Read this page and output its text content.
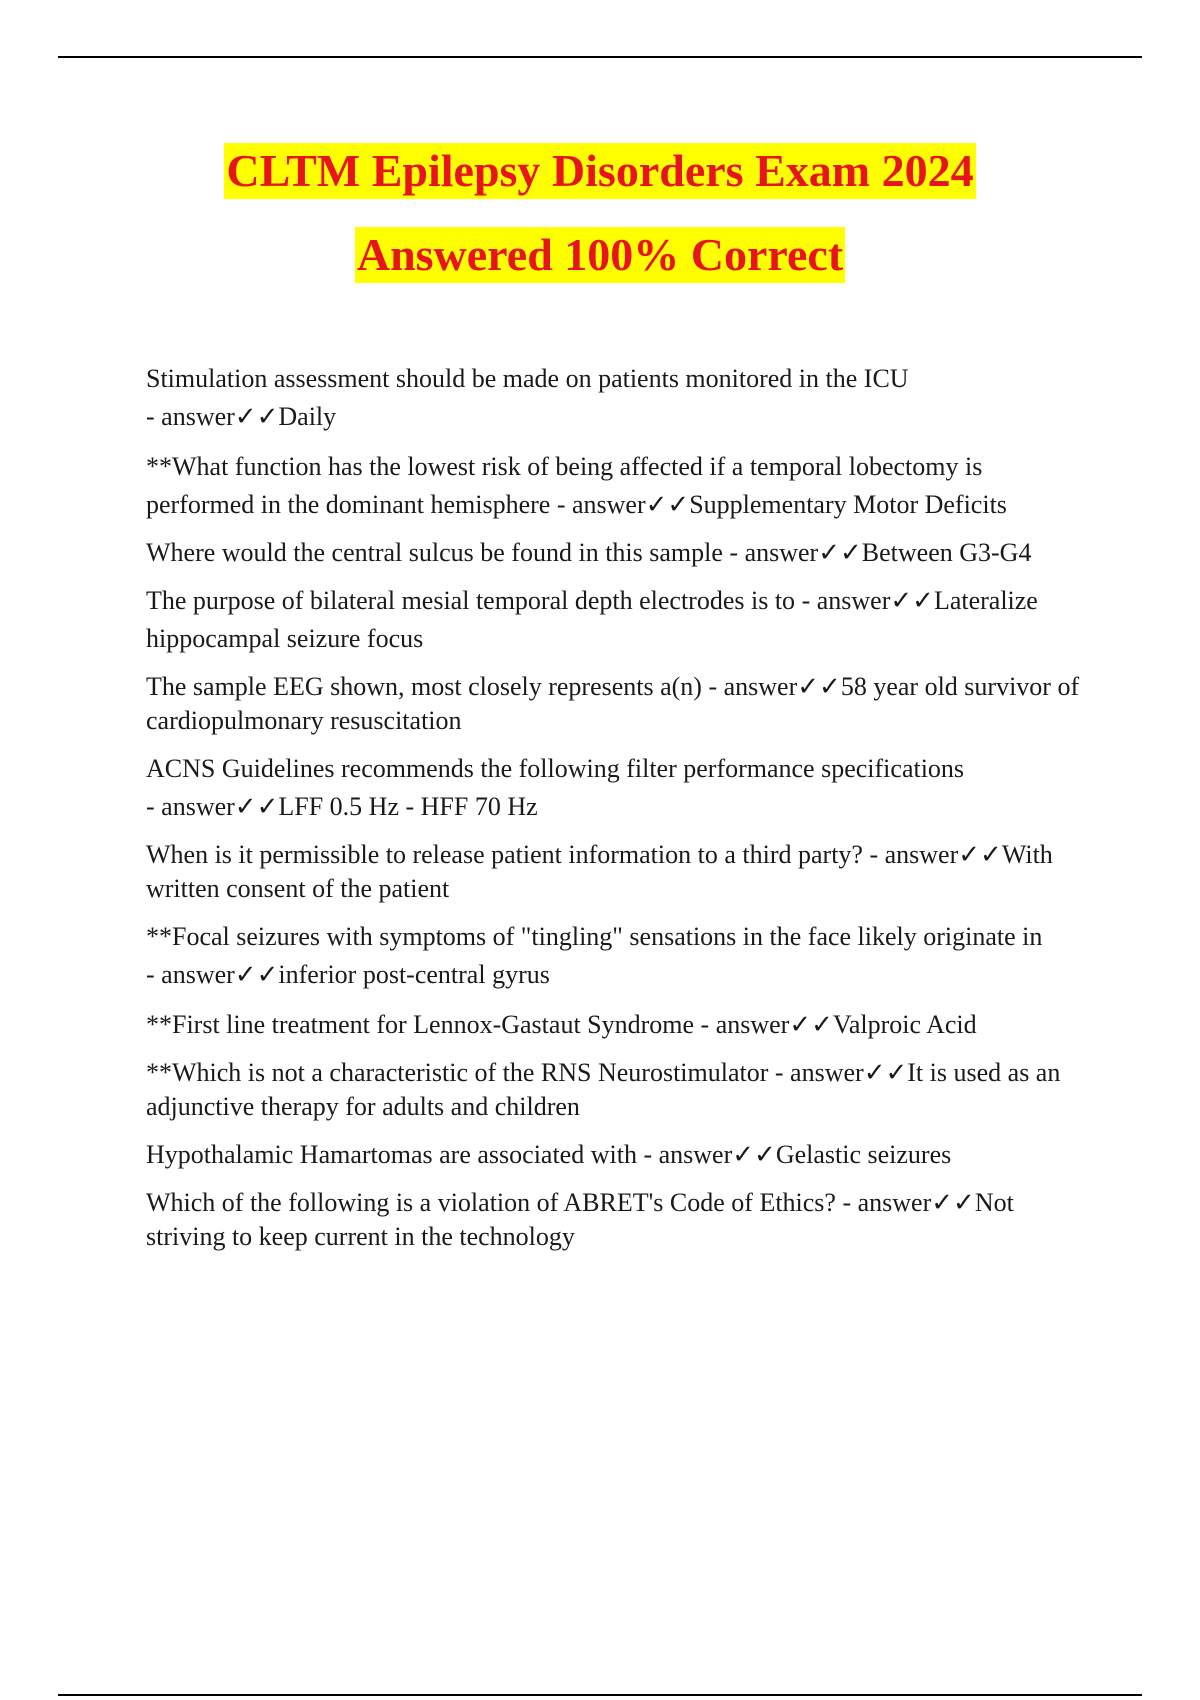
CLTM Epilepsy Disorders Exam 2024
Answered 100% Correct

Stimulation assessment should be made on patients monitored in the ICU - answer✓✓Daily

**What function has the lowest risk of being affected if a temporal lobectomy is performed in the dominant hemisphere - answer✓✓Supplementary Motor Deficits

Where would the central sulcus be found in this sample - answer✓✓Between G3-G4

The purpose of bilateral mesial temporal depth electrodes is to - answer✓✓Lateralize hippocampal seizure focus

The sample EEG shown, most closely represents a(n) - answer✓✓58 year old survivor of cardiopulmonary resuscitation

ACNS Guidelines recommends the following filter performance specifications - answer✓✓LFF 0.5 Hz - HFF 70 Hz

When is it permissible to release patient information to a third party? - answer✓✓With written consent of the patient

**Focal seizures with symptoms of "tingling" sensations in the face likely originate in - answer✓✓inferior post-central gyrus

**First line treatment for Lennox-Gastaut Syndrome - answer✓✓Valproic Acid

**Which is not a characteristic of the RNS Neurostimulator - answer✓✓It is used as an adjunctive therapy for adults and children

Hypothalamic Hamartomas are associated with - answer✓✓Gelastic seizures

Which of the following is a violation of ABRET's Code of Ethics? - answer✓✓Not striving to keep current in the technology
